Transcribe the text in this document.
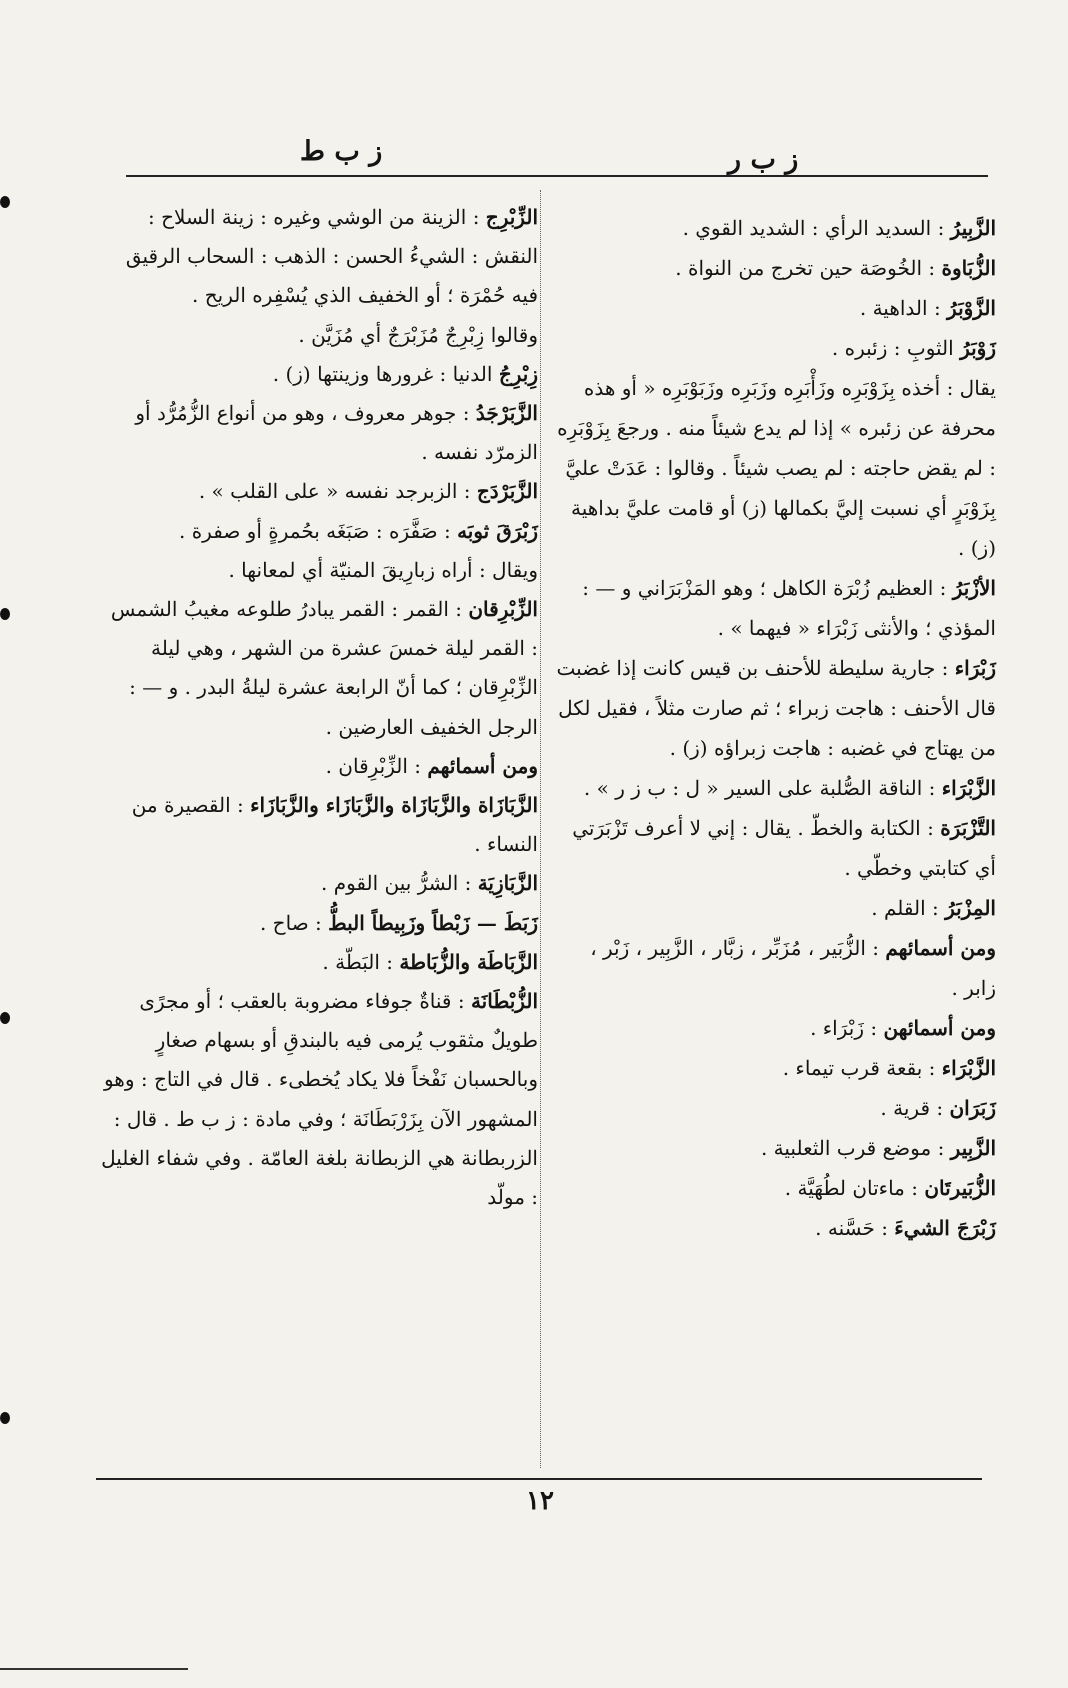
ز ب ط	ز ب ر

الزَّبِيرُ : السديد الرأي : الشديد القوي .

الزُّبَاوة : الخُوصَة حين تخرج من النواة .

الزَّوْبَرُ : الداهية .

زَوْبَرُ الثوبِ : زئبره .

يقال : أخذه بِزَوْبَرِه وزَأْبَرِه وزَبَرِه وزَبَوْبَرِه « أو هذه محرفة عن زئبره » إذا لم يدع شيئاً منه . ورجعَ بِزَوْبَرِه : لم يقض حاجته : لم يصب شيئاً . وقالوا : عَدَتْ عليَّ بِزَوْبَرٍ أي نسبت إليَّ بكمالها (ز) أو قامت عليَّ بداهية (ز) .

الأزْبَرُ : العظيم زُبْرَة الكاهل ؛ وهو المَزْبَرَاني و — : المؤذي ؛ والأنثى زَبْرَاء « فيهما » .

زَبْرَاء : جارية سليطة للأحنف بن قيس كانت إذا غضبت قال الأحنف : هاجت زبراء ؛ ثم صارت مثلاً ، فقيل لكل من يهتاج في غضبه : هاجت زبراؤه (ز) .

الزَّبْرَاء : الناقة الصُّلبة على السير « ل : ب ز ر » .

التَّزْبَرَة : الكتابة والخطّ . يقال : إني لا أعرف تَزْبَرَتي أي كتابتي وخطّي .

المِزْبَرُ : القلم .

ومن أسمائهم : الزُّبَير ، مُزَبِّر ، زبَّار ، الزَّبِير ، زَبْر ، زابر .

ومن أسمائهن : زَبْرَاء .

الزَّبْرَاء : بقعة قرب تيماء .

زَبَرَان : قرية .

الزَّبِير : موضع قرب الثعلبية .

الزُّبَيرتَان : ماءتان لطُهَيَّة .

زَبْرَجَ الشيءَ : حَسَّنه .

الزِّبْرِج : الزينة من الوشي وغيره : زينة السلاح : النقش : الشيءُ الحسن : الذهب : السحاب الرقيق فيه حُمْرَة ؛ أو الخفيف الذي يُسْفِره الريح .

وقالوا زِبْرِجٌ مُزَبْرَجٌ أي مُزَيَّن .

زِبْرِجُ الدنيا : غرورها وزينتها (ز) .

الزَّبَرْجَدُ : جوهر معروف ، وهو من أنواع الزُّمُرُّد أو الزمرّد نفسه .

الزَّبَرْدَج : الزبرجد نفسه « على القلب » .

زَبْرَقَ ثوبَه : صَفَّرَه : صَبَغَه بحُمرةٍ أو صفرة .

ويقال : أراه زبارِيقَ المنيّة أي لمعانها .

الزِّبْرِقان : القمر : القمر يبادرُ طلوعه مغيبُ الشمس : القمر ليلة خمسَ عشرة من الشهر ، وهي ليلة الزِّبْرِقان ؛ كما أنّ الرابعة عشرة ليلةُ البدر . و — : الرجل الخفيف العارضين .

ومن أسمائهم : الزِّبْرِقان .

الزَّبَازَاة والزَّبَازَاة والزَّبَازَاء والزَّبَازَاء : القصيرة من النساء .

الزَّبَازِيَة : الشرُّ بين القوم .

زَبَطَ — زَبْطاً وزَبِيطاً البطُّ : صاح .

الزَّبَاطَة والزُّبَاطة : البَطّة .

الزُّبْطَانَة : قناةٌ جوفاء مضروبة بالعقب ؛ أو مجرًى طويلٌ مثقوب يُرمى فيه بالبندقِ أو بسهام صغارٍ وبالحسبان نَفْخاً فلا يكاد يُخطىء . قال في التاج : وهو المشهور الآن بِزَرْبَطَانَة ؛ وفي مادة : ز ب ط . قال : الزربطانة هي الزبطانة بلغة العامّة . وفي شفاء الغليل : مولّد

١٢
